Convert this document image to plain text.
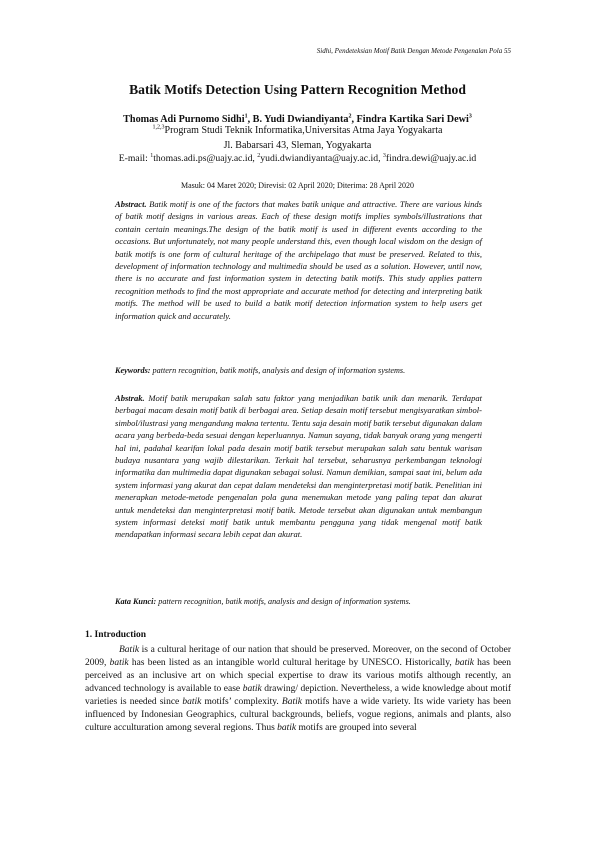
Sidhi, Pendeteksian Motif Batik Dengan Metode Pengenalan Pola 55
Batik Motifs Detection Using Pattern Recognition Method
Thomas Adi Purnomo Sidhi$^1$, B. Yudi Dwiandiyanta$^2$, Findra Kartika Sari Dewi$^3$
$^{1,2,3}$Program Studi Teknik Informatika,Universitas Atma Jaya Yogyakarta
Jl. Babarsari 43, Sleman, Yogyakarta
E-mail: $^1$thomas.adi.ps@uajy.ac.id, $^2$yudi.dwiandiyanta@uajy.ac.id, $^3$findra.dewi@uajy.ac.id
Masuk: 04 Maret 2020; Direvisi: 02 April 2020; Diterima: 28 April 2020
Abstract. Batik motif is one of the factors that makes batik unique and attractive. There are various kinds of batik motif designs in various areas. Each of these design motifs implies symbols/illustrations that contain certain meanings.The design of the batik motif is used in different events according to the occasions. But unfortunately, not many people understand this, even though local wisdom on the design of batik motifs is one form of cultural heritage of the archipelago that must be preserved. Related to this, development of information technology and multimedia should be used as a solution. However, until now, there is no accurate and fast information system in detecting batik motifs. This study applies pattern recognition methods to find the most appropriate and accurate method for detecting and interpreting batik motifs. The method will be used to build a batik motif detection information system to help users get information quick and accurately.
Keywords: pattern recognition, batik motifs, analysis and design of information systems.
Abstrak. Motif batik merupakan salah satu faktor yang menjadikan batik unik dan menarik. Terdapat berbagai macam desain motif batik di berbagai area. Setiap desain motif tersebut mengisyaratkan simbol-simbol/ilustrasi yang mengandung makna tertentu. Tentu saja desain motif batik tersebut digunakan dalam acara yang berbeda-beda sesuai dengan keperluannya. Namun sayang, tidak banyak orang yang mengerti hal ini, padahal kearifan lokal pada desain motif batik tersebut merupakan salah satu bentuk warisan budaya nusantara yang wajib dilestarikan. Terkait hal tersebut, seharusnya perkembangan teknologi informatika dan multimedia dapat digunakan sebagai solusi. Namun demikian, sampai saat ini, belum ada system informasi yang akurat dan cepat dalam mendeteksi dan menginterpretasi motif batik. Penelitian ini menerapkan metode-metode pengenalan pola guna menemukan metode yang paling tepat dan akurat untuk mendeteksi dan menginterpretasi motif batik. Metode tersebut akan digunakan untuk membangun system informasi deteksi motif batik untuk membantu pengguna yang tidak mengenal motif batik mendapatkan informasi secara lebih cepat dan akurat.
Kata Kunci: pattern recognition, batik motifs, analysis and design of information systems.
1. Introduction
Batik is a cultural heritage of our nation that should be preserved. Moreover, on the second of October 2009, batik has been listed as an intangible world cultural heritage by UNESCO. Historically, batik has been perceived as an inclusive art on which special expertise to draw its various motifs although recently, an advanced technology is available to ease batik drawing/ depiction. Nevertheless, a wide knowledge about motif varieties is needed since batik motifs’ complexity. Batik motifs have a wide variety. Its wide variety has been influenced by Indonesian Geographics, cultural backgrounds, beliefs, vogue regions, animals and plants, also culture acculturation among several regions. Thus batik motifs are grouped into several
